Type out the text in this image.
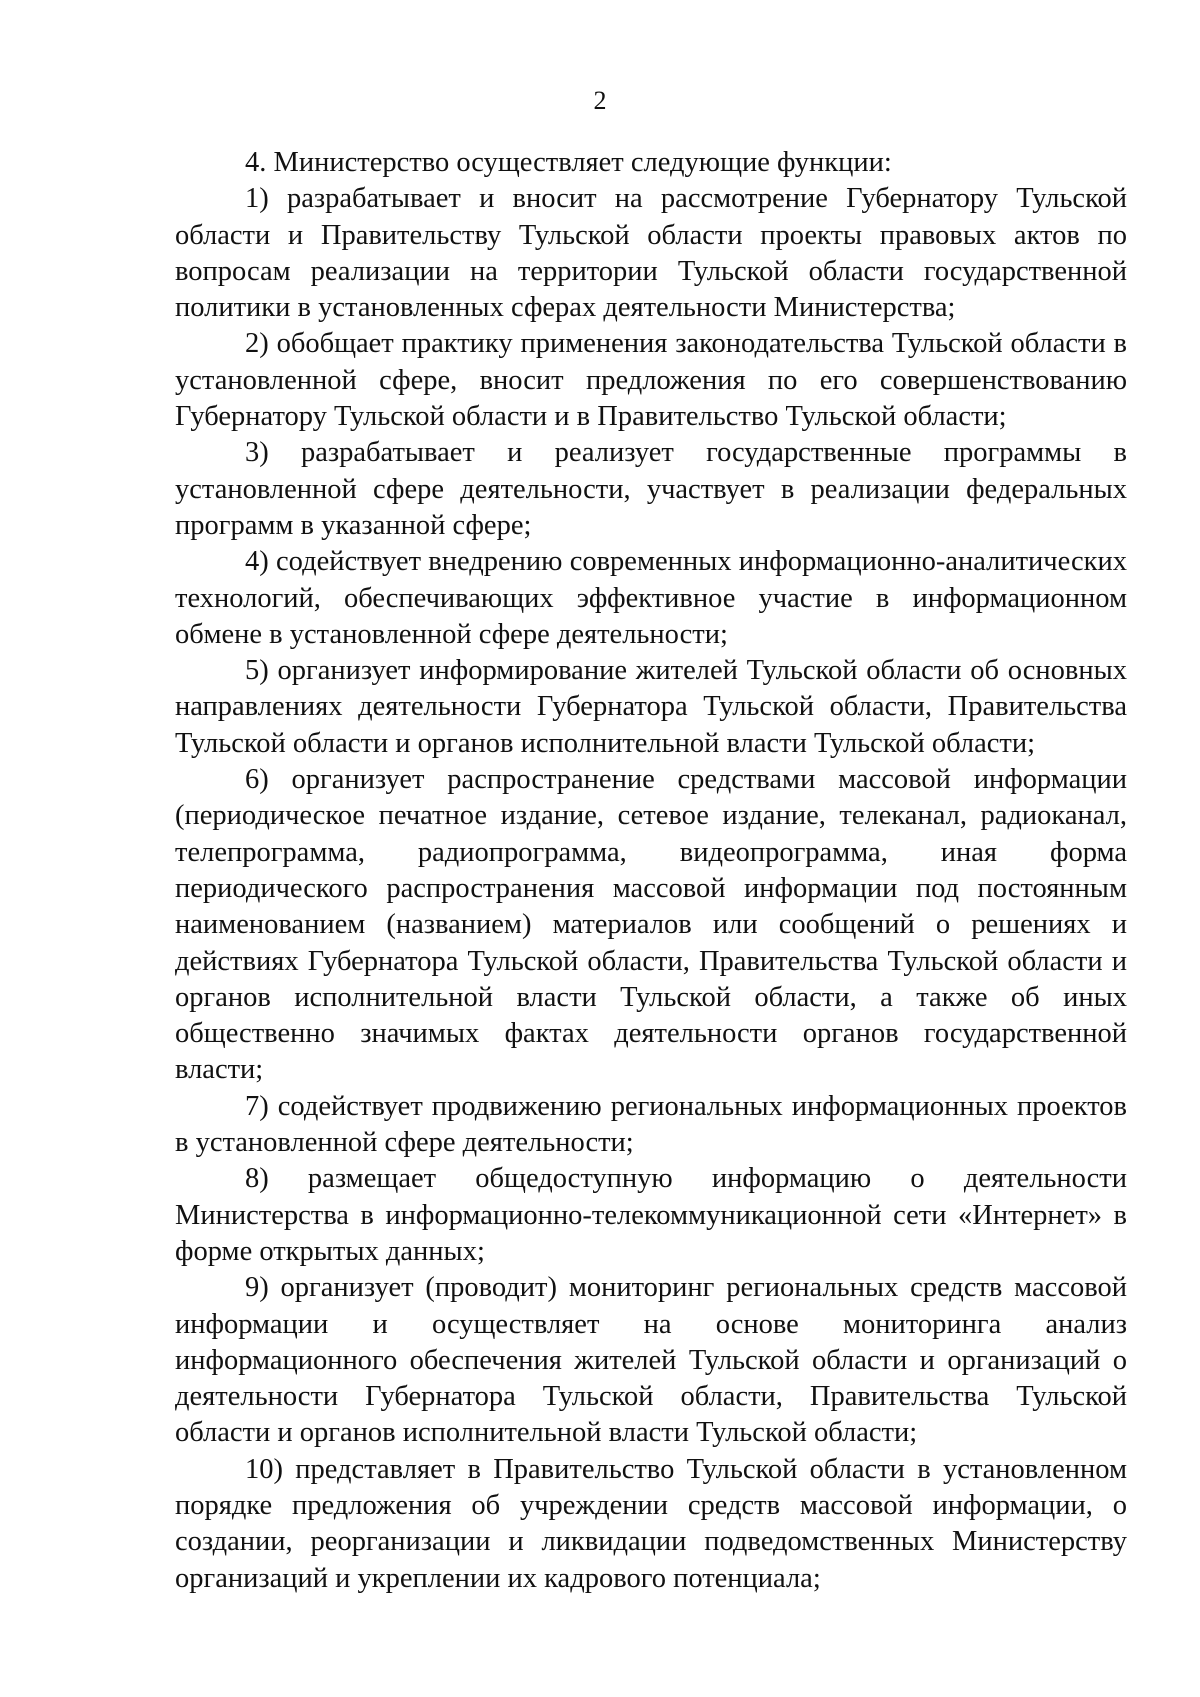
2

4. Министерство осуществляет следующие функции:

1) разрабатывает и вносит на рассмотрение Губернатору Тульской области и Правительству Тульской области проекты правовых актов по вопросам реализации на территории Тульской области государственной политики в установленных сферах деятельности Министерства;

2) обобщает практику применения законодательства Тульской области в установленной сфере, вносит предложения по его совершенствованию Губернатору Тульской области и в Правительство Тульской области;

3) разрабатывает и реализует государственные программы в установленной сфере деятельности, участвует в реализации федеральных программ в указанной сфере;

4) содействует внедрению современных информационно-аналитических технологий, обеспечивающих эффективное участие в информационном обмене в установленной сфере деятельности;

5) организует информирование жителей Тульской области об основных направлениях деятельности Губернатора Тульской области, Правительства Тульской области и органов исполнительной власти Тульской области;

6) организует распространение средствами массовой информации (периодическое печатное издание, сетевое издание, телеканал, радиоканал, телепрограмма, радиопрограмма, видеопрограмма, иная форма периодического распространения массовой информации под постоянным наименованием (названием) материалов или сообщений о решениях и действиях Губернатора Тульской области, Правительства Тульской области и органов исполнительной власти Тульской области, а также об иных общественно значимых фактах деятельности органов государственной власти;

7) содействует продвижению региональных информационных проектов в установленной сфере деятельности;

8) размещает общедоступную информацию о деятельности Министерства в информационно-телекоммуникационной сети «Интернет» в форме открытых данных;

9) организует (проводит) мониторинг региональных средств массовой информации и осуществляет на основе мониторинга анализ информационного обеспечения жителей Тульской области и организаций о деятельности Губернатора Тульской области, Правительства Тульской области и органов исполнительной власти Тульской области;

10) представляет в Правительство Тульской области в установленном порядке предложения об учреждении средств массовой информации, о создании, реорганизации и ликвидации подведомственных Министерству организаций и укреплении их кадрового потенциала;
